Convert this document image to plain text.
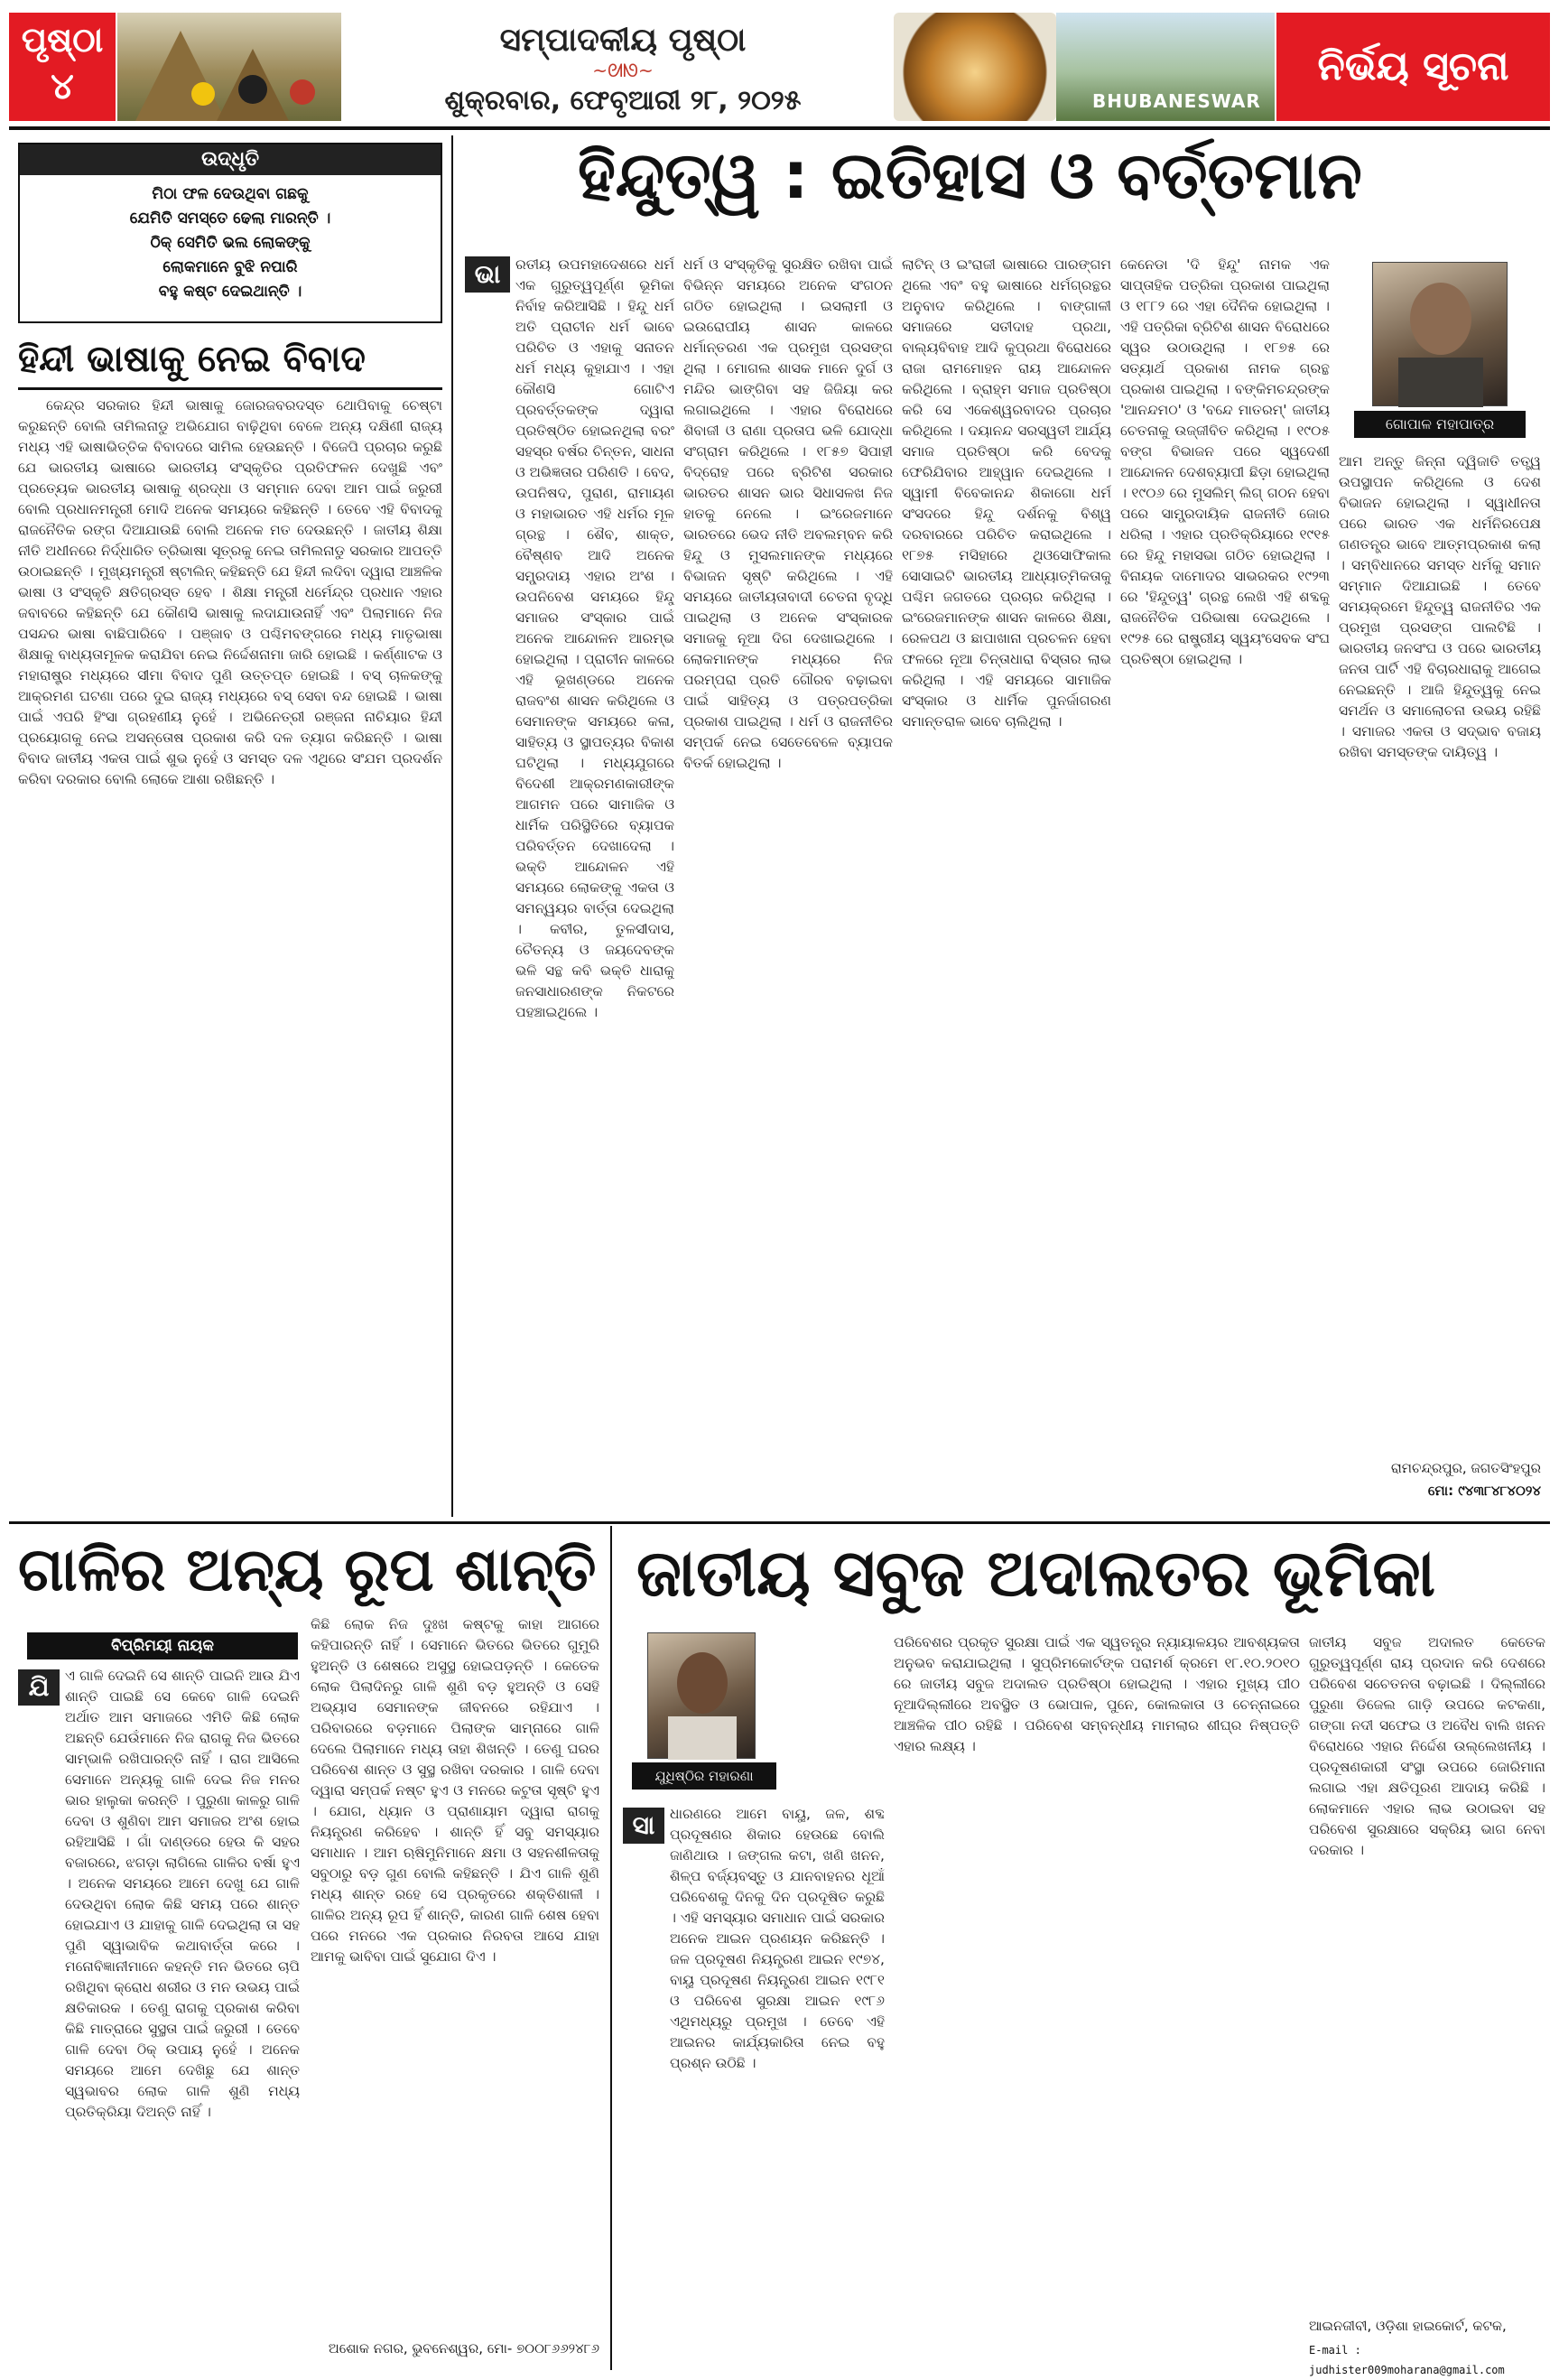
ପୃଷ୍ଠା
୪
ସମ୍ପାଦକୀୟ ପୃଷ୍ଠା
~ᘛᘚ~
ଶୁକ୍ରବାର, ଫେବୃଆରୀ ୨୮, ୨୦୨୫	BHUBANESWAR
ନିର୍ଭୟ ସୂଚନା
ଉଦ୍ଧୃତି
ମିଠା ଫଳ ଦେଉଥିବା ଗଛକୁ
ଯେମିତି ସମସ୍ତେ ଢେଲା ମାରନ୍ତି ।
ଠିକ୍ ସେମିତି ଭଲ ଲୋକଙ୍କୁ
ଲୋକମାନେ ବୁଝି ନପାରି
ବହୁ କଷ୍ଟ ଦେଇଥାନ୍ତି ।
ହିନ୍ଦୀ ଭାଷାକୁ ନେଇ ବିବାଦ
କେନ୍ଦ୍ର ସରକାର ହିନ୍ଦୀ ଭାଷାକୁ ଜୋରଜବରଦସ୍ତ ଥୋପିବାକୁ ଚେଷ୍ଟା କରୁଛନ୍ତି ବୋଲି ତାମିଲନାଡୁ ଅଭିଯୋଗ ବାଢ଼ିଥିବା ବେଳେ ଅନ୍ୟ ଦକ୍ଷିଣୀ ରାଜ୍ୟ ମଧ୍ୟ ଏହି ଭାଷାଭିତ୍ତିକ ବିବାଦରେ ସାମିଲ ହେଉଛନ୍ତି । ବିଜେପି ପ୍ରଚାର କରୁଛି ଯେ ଭାରତୀୟ ଭାଷାରେ ଭାରତୀୟ ସଂସ୍କୃତିର ପ୍ରତିଫଳନ ଦେଖୁଛି ଏବଂ ପ୍ରତ୍ୟେକ ଭାରତୀୟ ଭାଷାକୁ ଶ୍ରଦ୍ଧା ଓ ସମ୍ମାନ ଦେବା ଆମ ପାଇଁ ଜରୁରୀ ବୋଲି ପ୍ରଧାନମନ୍ତ୍ରୀ ମୋଦି ଅନେକ ସମୟରେ କହିଛନ୍ତି । ତେବେ ଏହି ବିବାଦକୁ ରାଜନୈତିକ ରଙ୍ଗ ଦିଆଯାଉଛି ବୋଲି ଅନେକ ମତ ଦେଉଛନ୍ତି । ଜାତୀୟ ଶିକ୍ଷା ନୀତି ଅଧୀନରେ ନିର୍ଦ୍ଧାରିତ ତ୍ରିଭାଷା ସୂତ୍ରକୁ ନେଇ ତାମିଲନାଡୁ ସରକାର ଆପତ୍ତି ଉଠାଇଛନ୍ତି । ମୁଖ୍ୟମନ୍ତ୍ରୀ ଷ୍ଟାଲିନ୍ କହିଛନ୍ତି ଯେ ହିନ୍ଦୀ ଲଦିବା ଦ୍ୱାରା ଆଞ୍ଚଳିକ ଭାଷା ଓ ସଂସ୍କୃତି କ୍ଷତିଗ୍ରସ୍ତ ହେବ । ଶିକ୍ଷା ମନ୍ତ୍ରୀ ଧର୍ମେନ୍ଦ୍ର ପ୍ରଧାନ ଏହାର ଜବାବରେ କହିଛନ୍ତି ଯେ କୌଣସି ଭାଷାକୁ ଲଦାଯାଉନାହିଁ ଏବଂ ପିଲାମାନେ ନିଜ ପସନ୍ଦର ଭାଷା ବାଛିପାରିବେ । ପଞ୍ଜାବ ଓ ପଶ୍ଚିମବଙ୍ଗରେ ମଧ୍ୟ ମାତୃଭାଷା ଶିକ୍ଷାକୁ ବାଧ୍ୟତାମୂଳକ କରାଯିବା ନେଇ ନିର୍ଦ୍ଦେଶନାମା ଜାରି ହୋଇଛି । କର୍ଣ୍ଣାଟକ ଓ ମହାରାଷ୍ଟ୍ର ମଧ୍ୟରେ ସୀମା ବିବାଦ ପୁଣି ଉତ୍ତପ୍ତ ହୋଇଛି । ବସ୍ ଚାଳକଙ୍କୁ ଆକ୍ରମଣ ଘଟଣା ପରେ ଦୁଇ ରାଜ୍ୟ ମଧ୍ୟରେ ବସ୍ ସେବା ବନ୍ଦ ହୋଇଛି । ଭାଷା ପାଇଁ ଏପରି ହିଂସା ଗ୍ରହଣୀୟ ନୁହେଁ । ଅଭିନେତ୍ରୀ ରଞ୍ଜନା ନାଚିୟାର ହିନ୍ଦୀ ପ୍ରୟୋଗକୁ ନେଇ ଅସନ୍ତୋଷ ପ୍ରକାଶ କରି ଦଳ ତ୍ୟାଗ କରିଛନ୍ତି । ଭାଷା ବିବାଦ ଜାତୀୟ ଏକତା ପାଇଁ ଶୁଭ ନୁହେଁ ଓ ସମସ୍ତ ଦଳ ଏଥିରେ ସଂଯମ ପ୍ରଦର୍ଶନ କରିବା ଦରକାର ବୋଲି ଲୋକେ ଆଶା ରଖିଛନ୍ତି ।
ହିନ୍ଦୁତ୍ୱ : ଇତିହାସ ଓ ବର୍ତ୍ତମାନ
ଭା	ରତୀୟ ଉପମହାଦେଶରେ ଧର୍ମ ଏକ ଗୁରୁତ୍ୱପୂର୍ଣ୍ଣ ଭୂମିକା ନିର୍ବାହ କରିଆସିଛି । ହିନ୍ଦୁ ଧର୍ମ ଅତି ପ୍ରାଚୀନ ଧର୍ମ ଭାବେ ପରିଚିତ ଓ ଏହାକୁ ସନାତନ ଧର୍ମ ମଧ୍ୟ କୁହାଯାଏ । ଏହା କୌଣସି ଗୋଟିଏ ପ୍ରବର୍ତ୍ତକଙ୍କ ଦ୍ୱାରା ପ୍ରତିଷ୍ଠିତ ହୋଇନଥିଲା ବରଂ ସହସ୍ର ବର୍ଷର ଚିନ୍ତନ, ସାଧନା ଓ ଅଭିଜ୍ଞତାର ପରିଣତି । ବେଦ, ଉପନିଷଦ, ପୁରାଣ, ରାମାୟଣ ଓ ମହାଭାରତ ଏହି ଧର୍ମର ମୂଳ ଗ୍ରନ୍ଥ । ଶୈବ, ଶାକ୍ତ, ବୈଷ୍ଣବ ଆଦି ଅନେକ ସମ୍ପ୍ରଦାୟ ଏହାର ଅଂଶ । ଉପନିବେଶ ସମୟରେ ହିନ୍ଦୁ ସମାଜର ସଂସ୍କାର ପାଇଁ ଅନେକ ଆନ୍ଦୋଳନ ଆରମ୍ଭ ହୋଇଥିଲା । ପ୍ରାଚୀନ କାଳରେ ଏହି ଭୂଖଣ୍ଡରେ ଅନେକ ରାଜବଂଶ ଶାସନ କରିଥିଲେ ଓ ସେମାନଙ୍କ ସମୟରେ କଳା, ସାହିତ୍ୟ ଓ ସ୍ଥାପତ୍ୟର ବିକାଶ ଘଟିଥିଲା । ମଧ୍ୟଯୁଗରେ ବିଦେଶୀ ଆକ୍ରମଣକାରୀଙ୍କ ଆଗମନ ପରେ ସାମାଜିକ ଓ ଧାର୍ମିକ ପରିସ୍ଥିତିରେ ବ୍ୟାପକ ପରିବର୍ତ୍ତନ ଦେଖାଦେଲା । ଭକ୍ତି ଆନ୍ଦୋଳନ ଏହି ସମୟରେ ଲୋକଙ୍କୁ ଏକତା ଓ ସମନ୍ୱୟର ବାର୍ତ୍ତା ଦେଇଥିଲା । କବୀର, ତୁଳସୀଦାସ, ଚୈତନ୍ୟ ଓ ଜୟଦେବଙ୍କ ଭଳି ସନ୍ଥ କବି ଭକ୍ତି ଧାରାକୁ ଜନସାଧାରଣଙ୍କ ନିକଟରେ ପହଞ୍ଚାଇଥିଲେ ।
ଧର୍ମ ଓ ସଂସ୍କୃତିକୁ ସୁରକ୍ଷିତ ରଖିବା ପାଇଁ ବିଭିନ୍ନ ସମୟରେ ଅନେକ ସଂଗଠନ ଗଠିତ ହୋଇଥିଲା । ଇସଲାମୀ ଓ ଇଉରୋପୀୟ ଶାସନ କାଳରେ ଧର୍ମାନ୍ତରଣ ଏକ ପ୍ରମୁଖ ପ୍ରସଙ୍ଗ ଥିଲା । ମୋଗଲ ଶାସକ ମାନେ ଦୁର୍ଗ ଓ ମନ୍ଦିର ଭାଙ୍ଗିବା ସହ ଜିଜିୟା କର ଲଗାଇଥିଲେ । ଏହାର ବିରୋଧରେ ଶିବାଜୀ ଓ ରାଣା ପ୍ରତାପ ଭଳି ଯୋଦ୍ଧା ସଂଗ୍ରାମ କରିଥିଲେ । ୧୮୫୭ ସିପାହୀ ବିଦ୍ରୋହ ପରେ ବ୍ରିଟିଶ ସରକାର ଭାରତର ଶାସନ ଭାର ସିଧାସଳଖ ନିଜ ହାତକୁ ନେଲେ । ଇଂରେଜମାନେ ଭାରତରେ ଭେଦ ନୀତି ଅବଲମ୍ବନ କରି ହିନ୍ଦୁ ଓ ମୁସଲମାନଙ୍କ ମଧ୍ୟରେ ବିଭାଜନ ସୃଷ୍ଟି କରିଥିଲେ । ଏହି ସମୟରେ ଜାତୀୟତାବାଦୀ ଚେତନା ବୃଦ୍ଧି ପାଇଥିଲା ଓ ଅନେକ ସଂସ୍କାରକ ସମାଜକୁ ନୂଆ ଦିଗ ଦେଖାଇଥିଲେ । ଲୋକମାନଙ୍କ ମଧ୍ୟରେ ନିଜ ପରମ୍ପରା ପ୍ରତି ଗୌରବ ବଢ଼ାଇବା ପାଇଁ ସାହିତ୍ୟ ଓ ପତ୍ରପତ୍ରିକା ପ୍ରକାଶ ପାଇଥିଲା । ଧର୍ମ ଓ ରାଜନୀତିର ସମ୍ପର୍କ ନେଇ ସେତେବେଳେ ବ୍ୟାପକ ବିତର୍କ ହୋଇଥିଲା ।
ଲାଟିନ୍ ଓ ଇଂରାଜୀ ଭାଷାରେ ପାରଙ୍ଗମ ଥିଲେ ଏବଂ ବହୁ ଭାଷାରେ ଧର୍ମଗ୍ରନ୍ଥର ଅନୁବାଦ କରିଥିଲେ । ବାଙ୍ଗାଳୀ ସମାଜରେ ସତୀଦାହ ପ୍ରଥା, ବାଲ୍ୟବିବାହ ଆଦି କୁପ୍ରଥା ବିରୋଧରେ ରାଜା ରାମମୋହନ ରାୟ ଆନ୍ଦୋଳନ କରିଥିଲେ । ବ୍ରାହ୍ମ ସମାଜ ପ୍ରତିଷ୍ଠା କରି ସେ ଏକେଶ୍ୱରବାଦର ପ୍ରଚାର କରିଥିଲେ । ଦୟାନନ୍ଦ ସରସ୍ୱତୀ ଆର୍ଯ୍ୟ ସମାଜ ପ୍ରତିଷ୍ଠା କରି ବେଦକୁ ଫେରିଯିବାର ଆହ୍ୱାନ ଦେଇଥିଲେ । ସ୍ୱାମୀ ବିବେକାନନ୍ଦ ଶିକାଗୋ ଧର୍ମ ସଂସଦରେ ହିନ୍ଦୁ ଦର୍ଶନକୁ ବିଶ୍ୱ ଦରବାରରେ ପରିଚିତ କରାଇଥିଲେ । ୧୮୭୫ ମସିହାରେ ଥିଓସୋଫିକାଲ ସୋସାଇଟି ଭାରତୀୟ ଆଧ୍ୟାତ୍ମିକତାକୁ ପଶ୍ଚିମ ଜଗତରେ ପ୍ରଚାର କରିଥିଲା । ଇଂରେଜମାନଙ୍କ ଶାସନ କାଳରେ ଶିକ୍ଷା, ରେଳପଥ ଓ ଛାପାଖାନା ପ୍ରଚଳନ ହେବା ଫଳରେ ନୂଆ ଚିନ୍ତାଧାରା ବିସ୍ତାର ଲାଭ କରିଥିଲା । ଏହି ସମୟରେ ସାମାଜିକ ସଂସ୍କାର ଓ ଧାର୍ମିକ ପୁନର୍ଜାଗରଣ ସମାନ୍ତରାଳ ଭାବେ ଚାଲିଥିଲା ।
କେନେଡା 'ଦି ହିନ୍ଦୁ' ନାମକ ଏକ ସାପ୍ତାହିକ ପତ୍ରିକା ପ୍ରକାଶ ପାଇଥିଲା ଓ ୧୮୮୨ ରେ ଏହା ଦୈନିକ ହୋଇଥିଲା । ଏହି ପତ୍ରିକା ବ୍ରିଟିଶ ଶାସନ ବିରୋଧରେ ସ୍ୱର ଉଠାଉଥିଲା । ୧୮୭୫ ରେ ସତ୍ୟାର୍ଥ ପ୍ରକାଶ ନାମକ ଗ୍ରନ୍ଥ ପ୍ରକାଶ ପାଇଥିଲା । ବଙ୍କିମଚନ୍ଦ୍ରଙ୍କ 'ଆନନ୍ଦମଠ' ଓ 'ବନ୍ଦେ ମାତରମ୍' ଜାତୀୟ ଚେତନାକୁ ଉଜ୍ଜୀବିତ କରିଥିଲା । ୧୯୦୫ ବଙ୍ଗ ବିଭାଜନ ପରେ ସ୍ୱଦେଶୀ ଆନ୍ଦୋଳନ ଦେଶବ୍ୟାପୀ ଛିଡ଼ା ହୋଇଥିଲା । ୧୯୦୬ ରେ ମୁସଲିମ୍ ଲିଗ୍ ଗଠନ ହେବା ପରେ ସାମ୍ପ୍ରଦାୟିକ ରାଜନୀତି ଜୋର ଧରିଲା । ଏହାର ପ୍ରତିକ୍ରିୟାରେ ୧୯୧୫ ରେ ହିନ୍ଦୁ ମହାସଭା ଗଠିତ ହୋଇଥିଲା । ବିନାୟକ ଦାମୋଦର ସାଭରକର ୧୯୨୩ ରେ 'ହିନ୍ଦୁତ୍ୱ' ଗ୍ରନ୍ଥ ଲେଖି ଏହି ଶବ୍ଦକୁ ରାଜନୈତିକ ପରିଭାଷା ଦେଇଥିଲେ । ୧୯୨୫ ରେ ରାଷ୍ଟ୍ରୀୟ ସ୍ୱୟଂସେବକ ସଂଘ ପ୍ରତିଷ୍ଠା ହୋଇଥିଲା ।
ଗୋପାଳ ମହାପାତ୍ର
ଆମ ଅନ୍ତୁ ଜିନ୍ନା ଦ୍ୱିଜାତି ତତ୍ତ୍ୱ ଉପସ୍ଥାପନ କରିଥିଲେ ଓ ଦେଶ ବିଭାଜନ ହୋଇଥିଲା । ସ୍ୱାଧୀନତା ପରେ ଭାରତ ଏକ ଧର୍ମନିରପେକ୍ଷ ଗଣତନ୍ତ୍ର ଭାବେ ଆତ୍ମପ୍ରକାଶ କଲା । ସମ୍ବିଧାନରେ ସମସ୍ତ ଧର୍ମକୁ ସମାନ ସମ୍ମାନ ଦିଆଯାଇଛି । ତେବେ ସମୟକ୍ରମେ ହିନ୍ଦୁତ୍ୱ ରାଜନୀତିର ଏକ ପ୍ରମୁଖ ପ୍ରସଙ୍ଗ ପାଲଟିଛି । ଭାରତୀୟ ଜନସଂଘ ଓ ପରେ ଭାରତୀୟ ଜନତା ପାର୍ଟି ଏହି ବିଚାରଧାରାକୁ ଆଗେଇ ନେଇଛନ୍ତି । ଆଜି ହିନ୍ଦୁତ୍ୱକୁ ନେଇ ସମର୍ଥନ ଓ ସମାଲୋଚନା ଉଭୟ ରହିଛି । ସମାଜର ଏକତା ଓ ସଦ୍ଭାବ ବଜାୟ ରଖିବା ସମସ୍ତଙ୍କ ଦାୟିତ୍ୱ ।
ରାମଚନ୍ଦ୍ରପୁର, ଜଗତସିଂହପୁର
ମୋ: ୯୪୩୮୪୮୪୦୨୪
ଗାଳିର ଅନ୍ୟ ରୂପ ଶାନ୍ତି
ବିପ୍ରିମୟୀ ନାୟକ
ଯି	ଏ ଗାଳି ଦେଇନି ସେ ଶାନ୍ତି ପାଇନି ଆଉ ଯିଏ ଶାନ୍ତି ପାଇଛି ସେ କେବେ ଗାଳି ଦେଇନି ଅର୍ଥାତ ଆମ ସମାଜରେ ଏମିତି କିଛି ଲୋକ ଅଛନ୍ତି ଯେଉଁମାନେ ନିଜ ରାଗକୁ ନିଜ ଭିତରେ ସାମ୍ଭାଳି ରଖିପାରନ୍ତି ନାହିଁ । ରାଗ ଆସିଲେ ସେମାନେ ଅନ୍ୟକୁ ଗାଳି ଦେଇ ନିଜ ମନର ଭାର ହାଲୁକା କରନ୍ତି । ପୁରୁଣା କାଳରୁ ଗାଳି ଦେବା ଓ ଶୁଣିବା ଆମ ସମାଜର ଅଂଶ ହୋଇ ରହିଆସିଛି । ଗାଁ ଦାଣ୍ଡରେ ହେଉ କି ସହର ବଜାରରେ, ଝଗଡ଼ା ଲାଗିଲେ ଗାଳିର ବର୍ଷା ହୁଏ । ଅନେକ ସମୟରେ ଆମେ ଦେଖୁ ଯେ ଗାଳି ଦେଉଥିବା ଲୋକ କିଛି ସମୟ ପରେ ଶାନ୍ତ ହୋଇଯାଏ ଓ ଯାହାକୁ ଗାଳି ଦେଇଥିଲା ତା ସହ ପୁଣି ସ୍ୱାଭାବିକ କଥାବାର୍ତ୍ତା କରେ । ମନୋବିଜ୍ଞାନୀମାନେ କହନ୍ତି ମନ ଭିତରେ ଚାପି ରଖିଥିବା କ୍ରୋଧ ଶରୀର ଓ ମନ ଉଭୟ ପାଇଁ କ୍ଷତିକାରକ । ତେଣୁ ରାଗକୁ ପ୍ରକାଶ କରିବା କିଛି ମାତ୍ରାରେ ସୁସ୍ଥତା ପାଇଁ ଜରୁରୀ । ତେବେ ଗାଳି ଦେବା ଠିକ୍ ଉପାୟ ନୁହେଁ । ଅନେକ ସମୟରେ ଆମେ ଦେଖିଛୁ ଯେ ଶାନ୍ତ ସ୍ୱଭାବର ଲୋକ ଗାଳି ଶୁଣି ମଧ୍ୟ ପ୍ରତିକ୍ରିୟା ଦିଅନ୍ତି ନାହିଁ ।
କିଛି ଲୋକ ନିଜ ଦୁଃଖ କଷ୍ଟକୁ କାହା ଆଗରେ କହିପାରନ୍ତି ନାହିଁ । ସେମାନେ ଭିତରେ ଭିତରେ ଗୁମୁରି ହୁଅନ୍ତି ଓ ଶେଷରେ ଅସୁସ୍ଥ ହୋଇପଡ଼ନ୍ତି । କେତେକ ଲୋକ ପିଲାଦିନରୁ ଗାଳି ଶୁଣି ବଡ଼ ହୁଅନ୍ତି ଓ ସେହି ଅଭ୍ୟାସ ସେମାନଙ୍କ ଜୀବନରେ ରହିଯାଏ । ପରିବାରରେ ବଡ଼ମାନେ ପିଲାଙ୍କ ସାମ୍ନାରେ ଗାଳି ଦେଲେ ପିଲାମାନେ ମଧ୍ୟ ତାହା ଶିଖନ୍ତି । ତେଣୁ ଘରର ପରିବେଶ ଶାନ୍ତ ଓ ସୁସ୍ଥ ରଖିବା ଦରକାର । ଗାଳି ଦେବା ଦ୍ୱାରା ସମ୍ପର୍କ ନଷ୍ଟ ହୁଏ ଓ ମନରେ କଟୁତା ସୃଷ୍ଟି ହୁଏ । ଯୋଗ, ଧ୍ୟାନ ଓ ପ୍ରାଣାୟାମ ଦ୍ୱାରା ରାଗକୁ ନିୟନ୍ତ୍ରଣ କରିହେବ । ଶାନ୍ତି ହିଁ ସବୁ ସମସ୍ୟାର ସମାଧାନ । ଆମ ଋଷିମୁନିମାନେ କ୍ଷମା ଓ ସହନଶୀଳତାକୁ ସବୁଠାରୁ ବଡ଼ ଗୁଣ ବୋଲି କହିଛନ୍ତି । ଯିଏ ଗାଳି ଶୁଣି ମଧ୍ୟ ଶାନ୍ତ ରହେ ସେ ପ୍ରକୃତରେ ଶକ୍ତିଶାଳୀ । ଗାଳିର ଅନ୍ୟ ରୂପ ହିଁ ଶାନ୍ତି, କାରଣ ଗାଳି ଶେଷ ହେବା ପରେ ମନରେ ଏକ ପ୍ରକାର ନିରବତା ଆସେ ଯାହା ଆମକୁ ଭାବିବା ପାଇଁ ସୁଯୋଗ ଦିଏ ।
ଅଶୋକ ନଗର, ଭୁବନେଶ୍ୱର, ମୋ- ୭୦୦୮୬୬୨୪୮୬
ଜାତୀୟ ସବୁଜ ଅଦାଲତର ଭୂମିକା
ଯୁଧିଷ୍ଠିର ମହାରଣା
ସା	ଧାରଣରେ ଆମେ ବାୟୁ, ଜଳ, ଶବ୍ଦ ପ୍ରଦୂଷଣର ଶିକାର ହେଉଛେ ବୋଲି ଜାଣିଥାଉ । ଜଙ୍ଗଲ କଟା, ଖଣି ଖନନ, ଶିଳ୍ପ ବର୍ଜ୍ୟବସ୍ତୁ ଓ ଯାନବାହନର ଧୂଆଁ ପରିବେଶକୁ ଦିନକୁ ଦିନ ପ୍ରଦୂଷିତ କରୁଛି । ଏହି ସମସ୍ୟାର ସମାଧାନ ପାଇଁ ସରକାର ଅନେକ ଆଇନ ପ୍ରଣୟନ କରିଛନ୍ତି । ଜଳ ପ୍ରଦୂଷଣ ନିୟନ୍ତ୍ରଣ ଆଇନ ୧୯୭୪, ବାୟୁ ପ୍ରଦୂଷଣ ନିୟନ୍ତ୍ରଣ ଆଇନ ୧୯୮୧ ଓ ପରିବେଶ ସୁରକ୍ଷା ଆଇନ ୧୯୮୬ ଏଥିମଧ୍ୟରୁ ପ୍ରମୁଖ । ତେବେ ଏହି ଆଇନର କାର୍ଯ୍ୟକାରିତା ନେଇ ବହୁ ପ୍ରଶ୍ନ ଉଠିଛି ।
ପରିବେଶର ପ୍ରକୃତ ସୁରକ୍ଷା ପାଇଁ ଏକ ସ୍ୱତନ୍ତ୍ର ନ୍ୟାୟାଳୟର ଆବଶ୍ୟକତା ଅନୁଭବ କରାଯାଇଥିଲା । ସୁପ୍ରିମକୋର୍ଟଙ୍କ ପରାମର୍ଶ କ୍ରମେ ୧୮.୧୦.୨୦୧୦ ରେ ଜାତୀୟ ସବୁଜ ଅଦାଲତ ପ୍ରତିଷ୍ଠା ହୋଇଥିଲା । ଏହାର ମୁଖ୍ୟ ପୀଠ ନୂଆଦିଲ୍ଲୀରେ ଅବସ୍ଥିତ ଓ ଭୋପାଳ, ପୁନେ, କୋଲକାତା ଓ ଚେନ୍ନାଇରେ ଆଞ୍ଚଳିକ ପୀଠ ରହିଛି । ପରିବେଶ ସମ୍ବନ୍ଧୀୟ ମାମଲାର ଶୀଘ୍ର ନିଷ୍ପତ୍ତି ଏହାର ଲକ୍ଷ୍ୟ ।
ଜାତୀୟ ସବୁଜ ଅଦାଲତ କେତେକ ଗୁରୁତ୍ୱପୂର୍ଣ୍ଣ ରାୟ ପ୍ରଦାନ କରି ଦେଶରେ ପରିବେଶ ସଚେତନତା ବଢ଼ାଇଛି । ଦିଲ୍ଲୀରେ ପୁରୁଣା ଡିଜେଲ ଗାଡ଼ି ଉପରେ କଟକଣା, ଗଙ୍ଗା ନଦୀ ସଫେଇ ଓ ଅବୈଧ ବାଲି ଖନନ ବିରୋଧରେ ଏହାର ନିର୍ଦ୍ଦେଶ ଉଲ୍ଲେଖନୀୟ । ପ୍ରଦୂଷଣକାରୀ ସଂସ୍ଥା ଉପରେ ଜୋରିମାନା ଲଗାଇ ଏହା କ୍ଷତିପୂରଣ ଆଦାୟ କରିଛି । ଲୋକମାନେ ଏହାର ଲାଭ ଉଠାଇବା ସହ ପରିବେଶ ସୁରକ୍ଷାରେ ସକ୍ରିୟ ଭାଗ ନେବା ଦରକାର ।
ଆଇନଜୀବୀ, ଓଡ଼ିଶା ହାଇକୋର୍ଟ, କଟକ,
E-mail : judhister009moharana@gmail.com
